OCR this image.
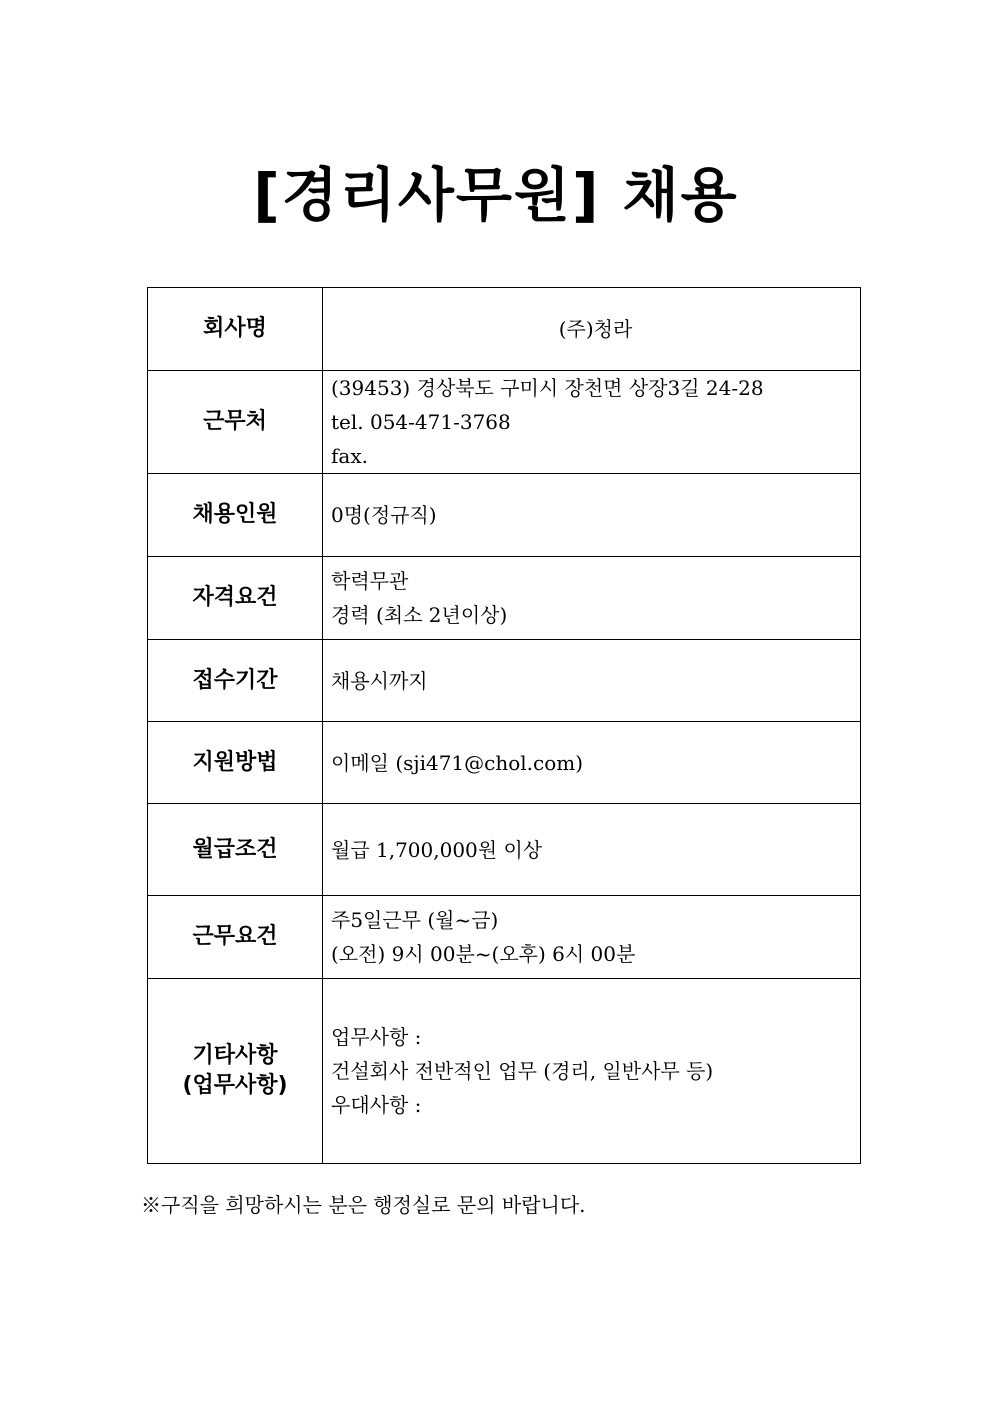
[경리사무원] 채용
회사명	(주)청라
근무처	(39453) 경상북도 구미시 장천면 상장3길 24-28
tel. 054-471-3768
fax.

채용인원	0명(정규직)
자격요건	학력무관
경력 (최소 2년이상)

접수기간	채용시까지
지원방법	이메일 (sji471@chol.com)
월급조건	월급 1,700,000원 이상
근무요건	주5일근무 (월~금)
(오전) 9시 00분~(오후) 6시 00분

기타사항
(업무사항)	업무사항 :
건설회사 전반적인 업무 (경리, 일반사무 등)
우대사항 :
※구직을 희망하시는 분은 행정실로 문의 바랍니다.
